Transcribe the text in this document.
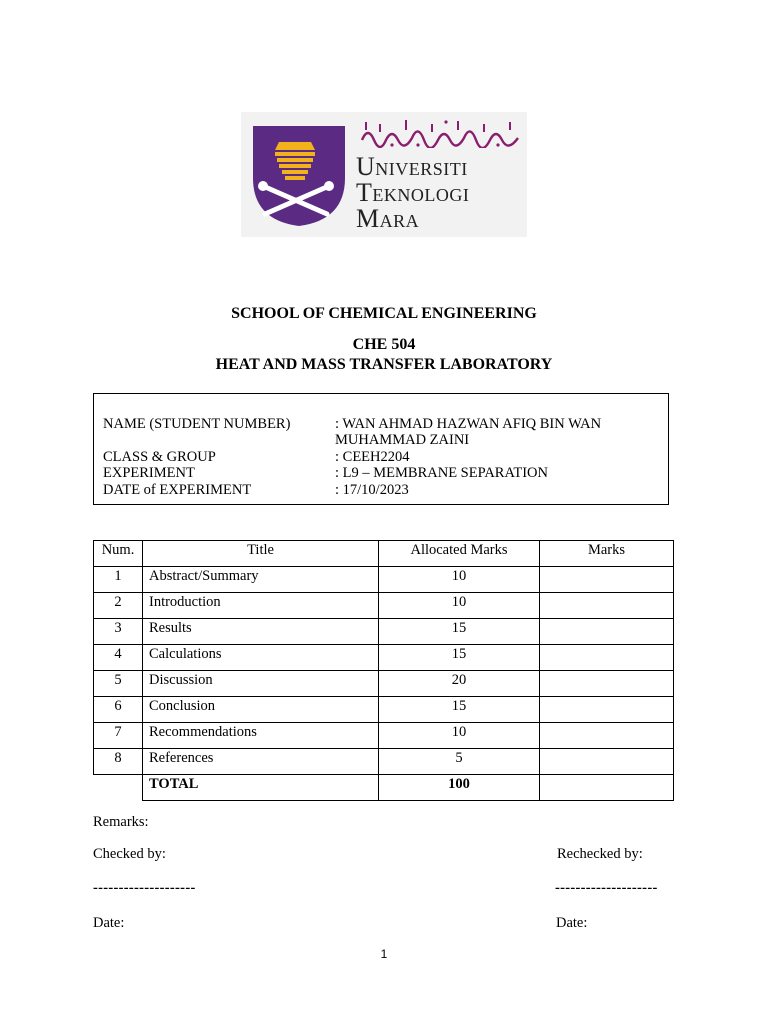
Universiti
Teknologi
Mara
SCHOOL OF CHEMICAL ENGINEERING
CHE 504
HEAT AND MASS TRANSFER LABORATORY
NAME (STUDENT NUMBER)	: WAN AHMAD HAZWAN AFIQ BIN WAN MUHAMMAD ZAINI
CLASS & GROUP	: CEEH2204
EXPERIMENT	: L9 – MEMBRANE SEPARATION
DATE of EXPERIMENT	: 17/10/2023
Num.	Title	Allocated Marks	Marks
1	Abstract/Summary	10	
2	Introduction	10	
3	Results	15	
4	Calculations	15	
5	Discussion	20	
6	Conclusion	15	
7	Recommendations	10	
8	References	5	
	TOTAL	100	
Remarks:
Checked by:	Rechecked by:
--------------------	--------------------
Date:	Date:
1
